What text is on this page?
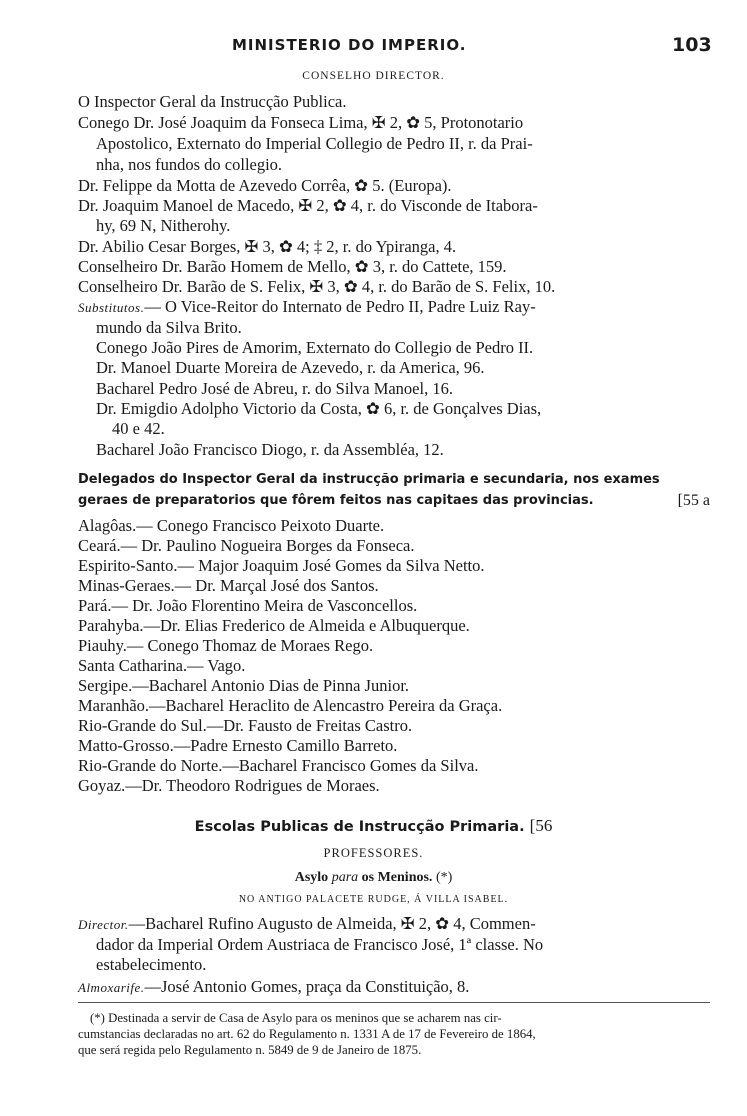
MINISTERIO DO IMPERIO.	103
CONSELHO DIRECTOR.
O Inspector Geral da Instrucção Publica.
Conego Dr. José Joaquim da Fonseca Lima, ✠ 2, ✿ 5, Protonotario
Apostolico, Externato do Imperial Collegio de Pedro II, r. da Prai-
nha, nos fundos do collegio.
Dr. Felippe da Motta de Azevedo Corrêa, ✿ 5. (Europa).
Dr. Joaquim Manoel de Macedo, ✠ 2, ✿ 4, r. do Visconde de Itabora-
hy, 69 N, Nitherohy.
Dr. Abilio Cesar Borges, ✠ 3, ✿ 4; ‡ 2, r. do Ypiranga, 4.
Conselheiro Dr. Barão Homem de Mello, ✿ 3, r. do Cattete, 159.
Conselheiro Dr. Barão de S. Felix, ✠ 3, ✿ 4, r. do Barão de S. Felix, 10.
Substitutos.— O Vice-Reitor do Internato de Pedro II, Padre Luiz Ray-
mundo da Silva Brito.
Conego João Pires de Amorim, Externato do Collegio de Pedro II.
Dr. Manoel Duarte Moreira de Azevedo, r. da America, 96.
Bacharel Pedro José de Abreu, r. do Silva Manoel, 16.
Dr. Emigdio Adolpho Victorio da Costa, ✿ 6, r. de Gonçalves Dias,
40 e 42.
Bacharel João Francisco Diogo, r. da Assembléa, 12.
Delegados do Inspector Geral da instrucção primaria e secundaria, nos exames
geraes de preparatorios que fôrem feitos nas capitaes das provincias.	[55 a
Alagôas.— Conego Francisco Peixoto Duarte.
Ceará.— Dr. Paulino Nogueira Borges da Fonseca.
Espirito-Santo.— Major Joaquim José Gomes da Silva Netto.
Minas-Geraes.— Dr. Marçal José dos Santos.
Pará.— Dr. João Florentino Meira de Vasconcellos.
Parahyba.—Dr. Elias Frederico de Almeida e Albuquerque.
Piauhy.— Conego Thomaz de Moraes Rego.
Santa Catharina.— Vago.
Sergipe.—Bacharel Antonio Dias de Pinna Junior.
Maranhão.—Bacharel Heraclito de Alencastro Pereira da Graça.
Rio-Grande do Sul.—Dr. Fausto de Freitas Castro.
Matto-Grosso.—Padre Ernesto Camillo Barreto.
Rio-Grande do Norte.—Bacharel Francisco Gomes da Silva.
Goyaz.—Dr. Theodoro Rodrigues de Moraes.
Escolas Publicas de Instrucção Primaria. [56
PROFESSORES.
Asylo para os Meninos. (*)
NO ANTIGO PALACETE RUDGE, Á VILLA ISABEL.
Director.—Bacharel Rufino Augusto de Almeida, ✠ 2, ✿ 4, Commen-
dador da Imperial Ordem Austriaca de Francisco José, 1ª classe. No
estabelecimento.
Almoxarife.—José Antonio Gomes, praça da Constituição, 8.
(*) Destinada a servir de Casa de Asylo para os meninos que se acharem nas cir-
cumstancias declaradas no art. 62 do Regulamento n. 1331 A de 17 de Fevereiro de 1864,
que será regida pelo Regulamento n. 5849 de 9 de Janeiro de 1875.
